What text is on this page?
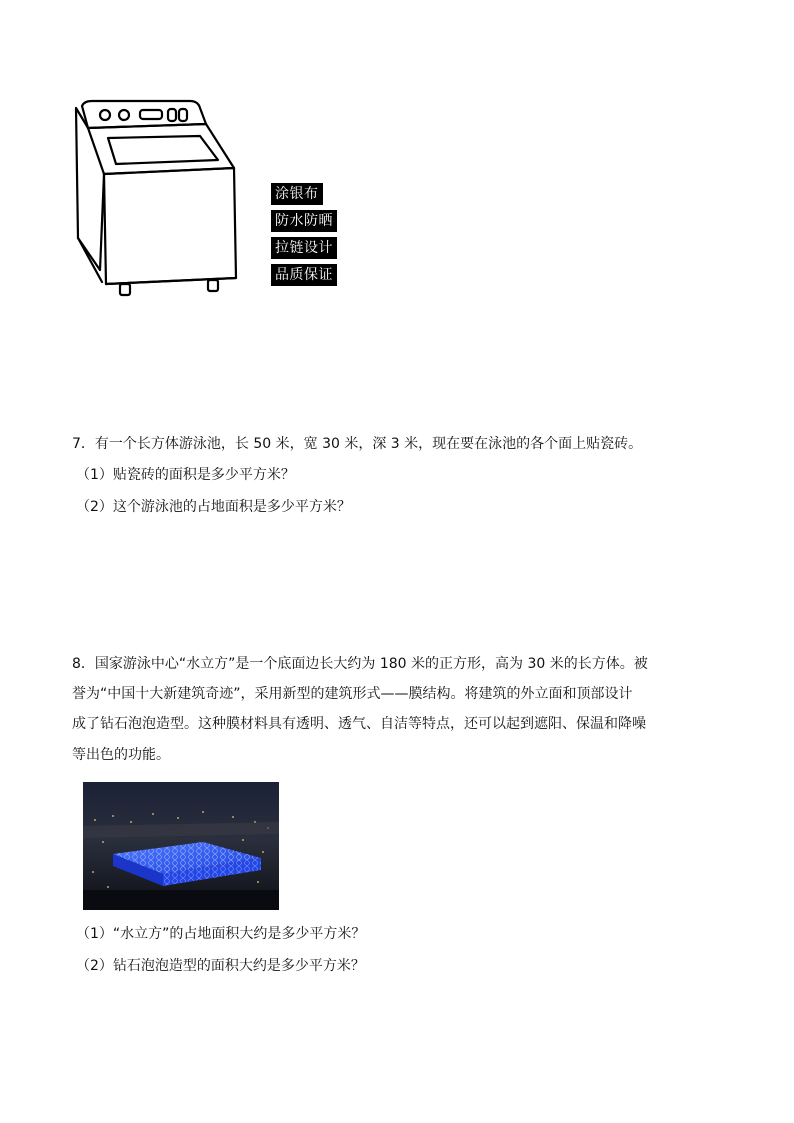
涂银布
防水防晒
拉链设计
品质保证
7．有一个长方体游泳池，长 50 米，宽 30 米，深 3 米，现在要在泳池的各个面上贴瓷砖。
（1）贴瓷砖的面积是多少平方米？
（2）这个游泳池的占地面积是多少平方米？
8．国家游泳中心“水立方”是一个底面边长大约为 180 米的正方形，高为 30 米的长方体。被
誉为“中国十大新建筑奇迹”，采用新型的建筑形式——膜结构。将建筑的外立面和顶部设计
成了钻石泡泡造型。这种膜材料具有透明、透气、自洁等特点，还可以起到遮阳、保温和降噪
等出色的功能。
（1）“水立方”的占地面积大约是多少平方米？
（2）钻石泡泡造型的面积大约是多少平方米？
